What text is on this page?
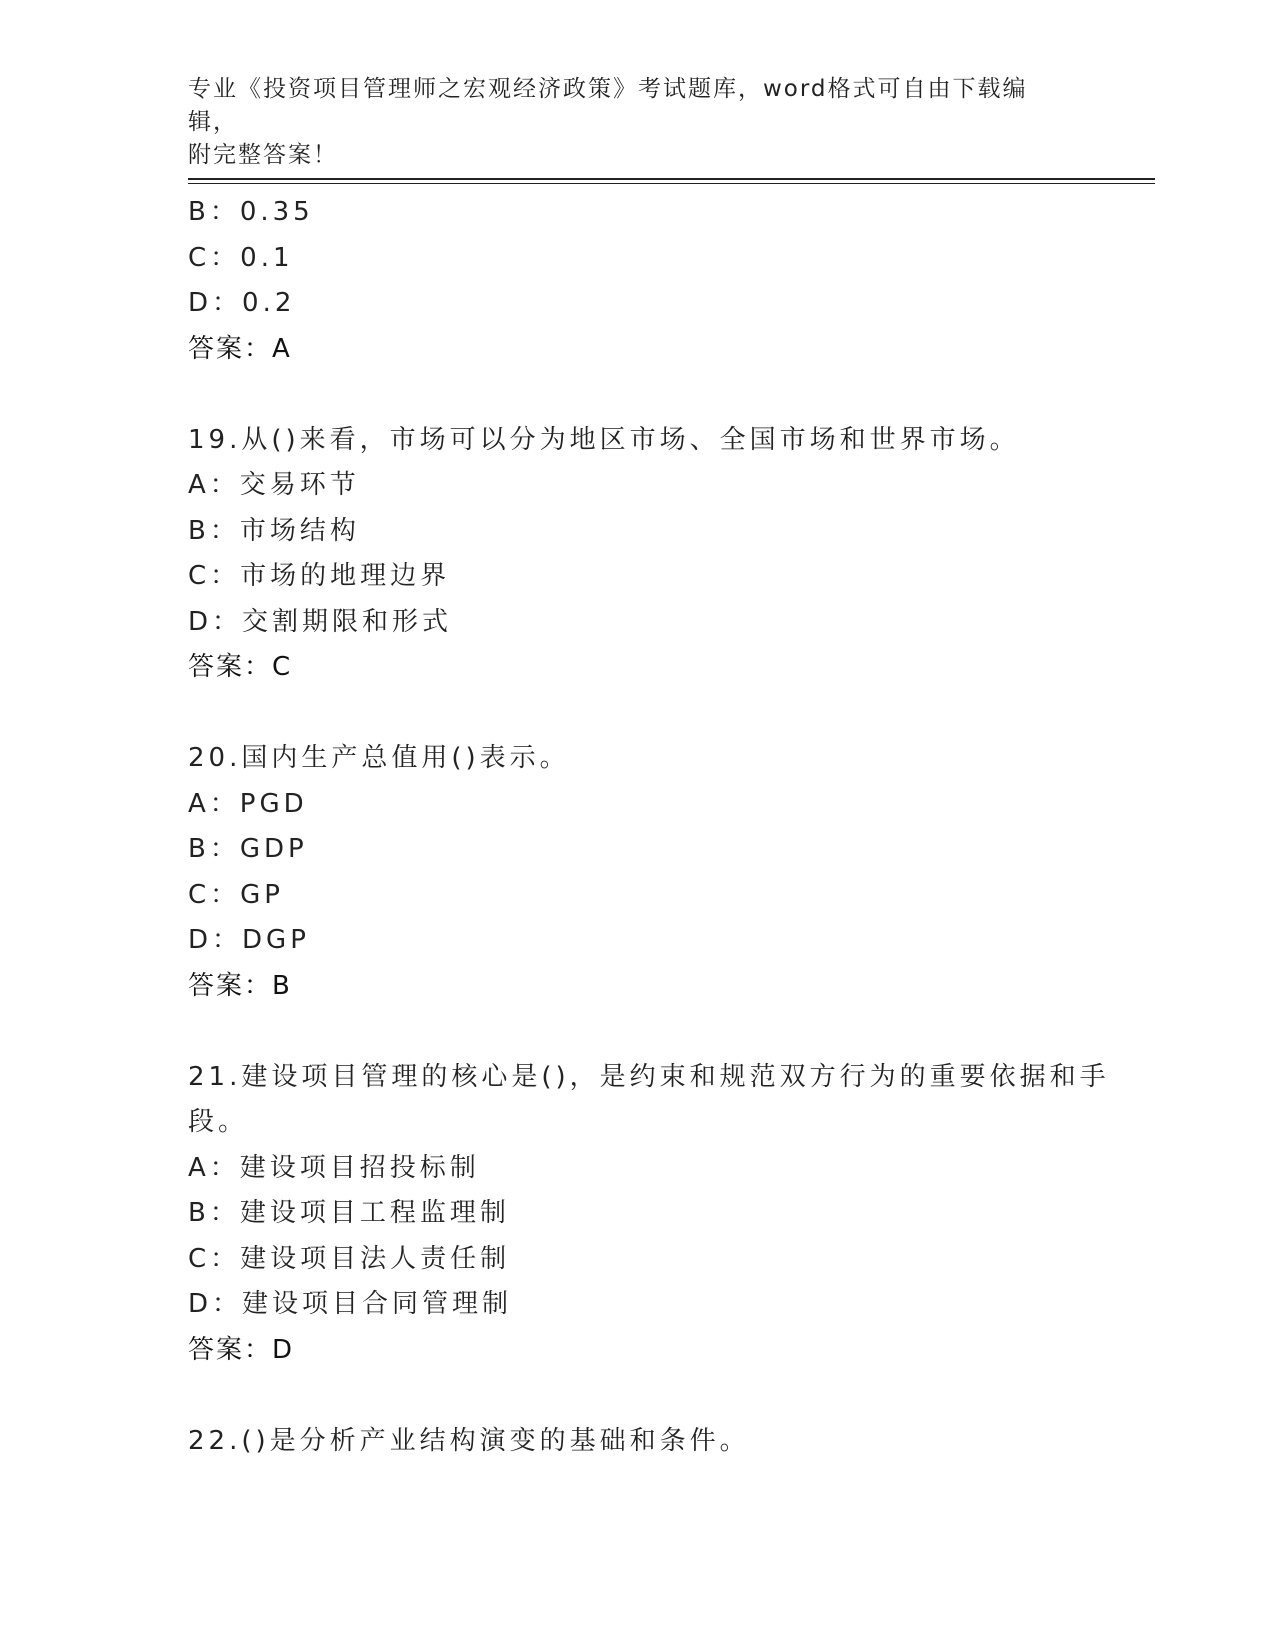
专业《投资项目管理师之宏观经济政策》考试题库，word格式可自由下载编辑，
附完整答案！
B：0.35
C：0.1
D：0.2
答案：A
19.从()来看，市场可以分为地区市场、全国市场和世界市场。
A：交易环节
B：市场结构
C：市场的地理边界
D：交割期限和形式
答案：C
20.国内生产总值用()表示。
A：PGD
B：GDP
C：GP
D：DGP
答案：B
21.建设项目管理的核心是()，是约束和规范双方行为的重要依据和手
段。
A：建设项目招投标制
B：建设项目工程监理制
C：建设项目法人责任制
D：建设项目合同管理制
答案：D
22.()是分析产业结构演变的基础和条件。
